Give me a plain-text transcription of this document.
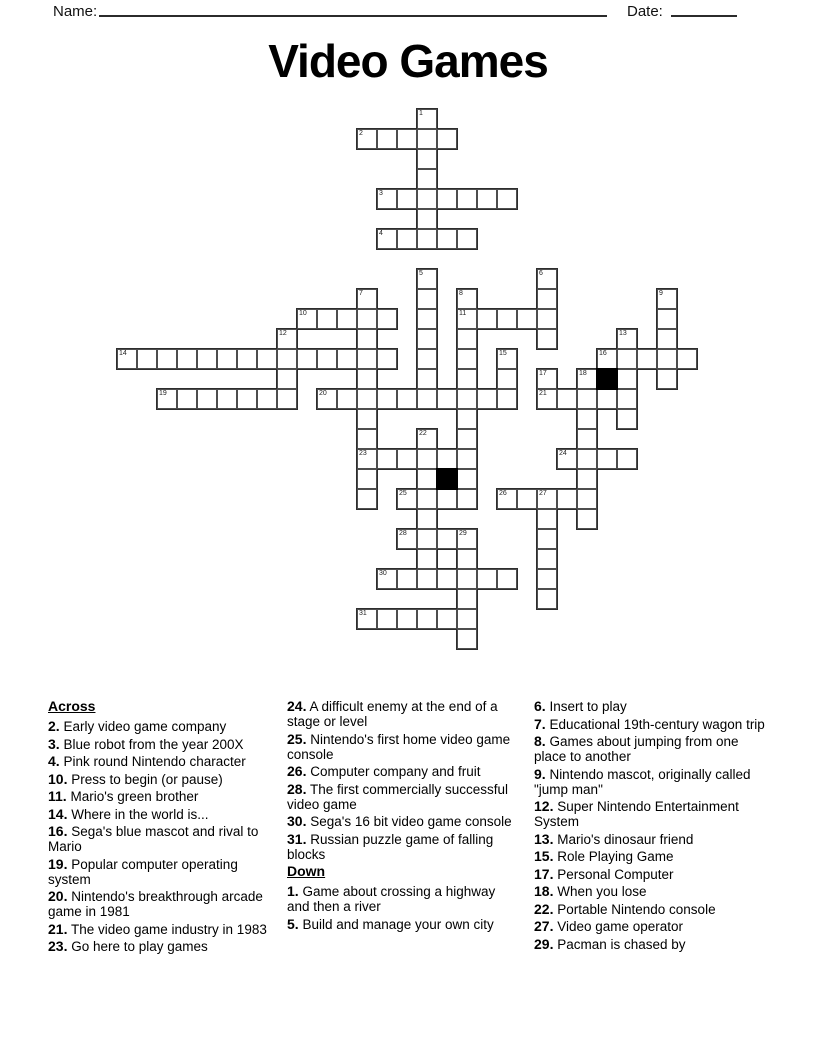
Name:	Date:
Video Games
1
2
3
4
5	6
7
23
8
11
9
10
12	13
14	15	16
17
21
18
19	20
22
24
25	26	27
28	29
30
31
Across
2. Early video game company
3. Blue robot from the year 200X
4. Pink round Nintendo character
10. Press to begin (or pause)
11. Mario's green brother
14. Where in the world is...
16. Sega's blue mascot and rival to Mario
19. Popular computer operating system
20. Nintendo's breakthrough arcade game in 1981
21. The video game industry in 1983
23. Go here to play games
24. A difficult enemy at the end of a stage or level
25. Nintendo's first home video game console
26. Computer company and fruit
28. The first commercially successful video game
30. Sega's 16 bit video game console
31. Russian puzzle game of falling blocks
Down
1. Game about crossing a highway and then a river
5. Build and manage your own city
6. Insert to play
7. Educational 19th-century wagon trip
8. Games about jumping from one place to another
9. Nintendo mascot, originally called "jump man"
12. Super Nintendo Entertainment System
13. Mario's dinosaur friend
15. Role Playing Game
17. Personal Computer
18. When you lose
22. Portable Nintendo console
27. Video game operator
29. Pacman is chased by
